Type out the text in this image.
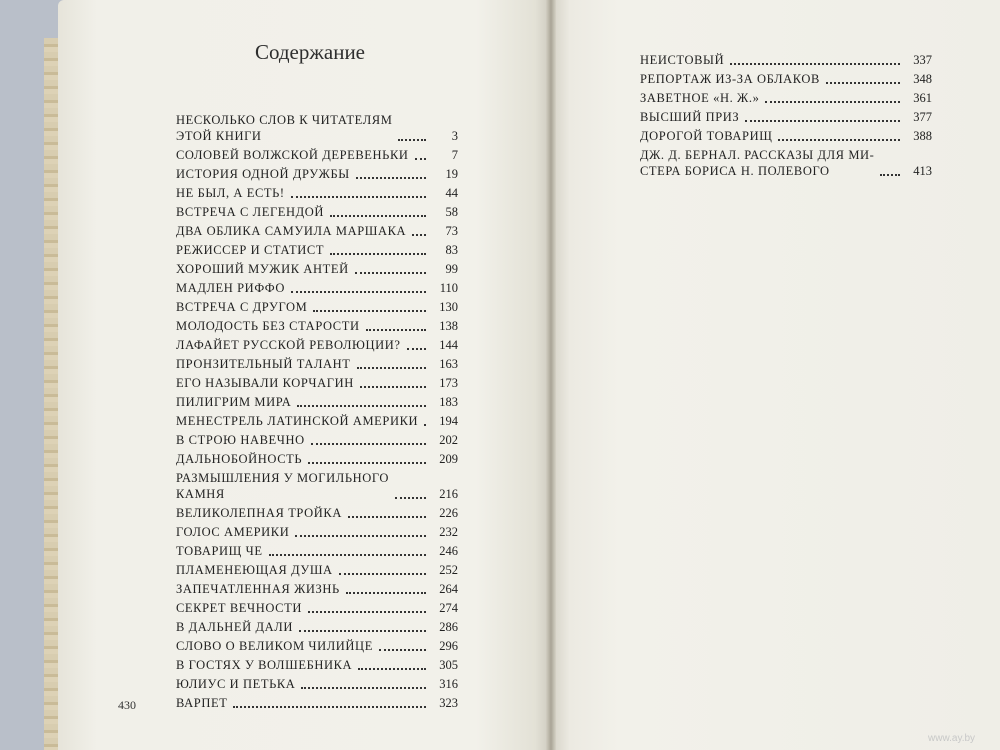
Содержание
НЕСКОЛЬКО СЛОВ К ЧИТАТЕЛЯМ
ЭТОЙ КНИГИ	3
СОЛОВЕЙ ВОЛЖСКОЙ ДЕРЕВЕНЬКИ	7
ИСТОРИЯ ОДНОЙ ДРУЖБЫ	19
НЕ БЫЛ, А ЕСТЬ!	44
ВСТРЕЧА С ЛЕГЕНДОЙ	58
ДВА ОБЛИКА САМУИЛА МАРШАКА	73
РЕЖИССЕР И СТАТИСТ	83
ХОРОШИЙ МУЖИК АНТЕЙ	99
МАДЛЕН РИФФО	110
ВСТРЕЧА С ДРУГОМ	130
МОЛОДОСТЬ БЕЗ СТАРОСТИ	138
ЛАФАЙЕТ РУССКОЙ РЕВОЛЮЦИИ?	144
ПРОНЗИТЕЛЬНЫЙ ТАЛАНТ	163
ЕГО НАЗЫВАЛИ КОРЧАГИН	173
ПИЛИГРИМ МИРА	183
МЕНЕСТРЕЛЬ ЛАТИНСКОЙ АМЕРИКИ	194
В СТРОЮ НАВЕЧНО	202
ДАЛЬНОБОЙНОСТЬ	209
РАЗМЫШЛЕНИЯ У МОГИЛЬНОГО
КАМНЯ	216
ВЕЛИКОЛЕПНАЯ ТРОЙКА	226
ГОЛОС АМЕРИКИ	232
ТОВАРИЩ ЧЕ	246
ПЛАМЕНЕЮЩАЯ ДУША	252
ЗАПЕЧАТЛЕННАЯ ЖИЗНЬ	264
СЕКРЕТ ВЕЧНОСТИ	274
В ДАЛЬНЕЙ ДАЛИ	286
СЛОВО О ВЕЛИКОМ ЧИЛИЙЦЕ	296
В ГОСТЯХ У ВОЛШЕБНИКА	305
ЮЛИУС И ПЕТЬКА	316
ВАРПЕТ	323
НЕИСТОВЫЙ	337
РЕПОРТАЖ ИЗ-ЗА ОБЛАКОВ	348
ЗАВЕТНОЕ «Н. Ж.»	361
ВЫСШИЙ ПРИЗ	377
ДОРОГОЙ ТОВАРИЩ	388
ДЖ. Д. БЕРНАЛ. РАССКАЗЫ ДЛЯ МИ-
СТЕРА БОРИСА Н. ПОЛЕВОГО	413
430
www.ay.by
